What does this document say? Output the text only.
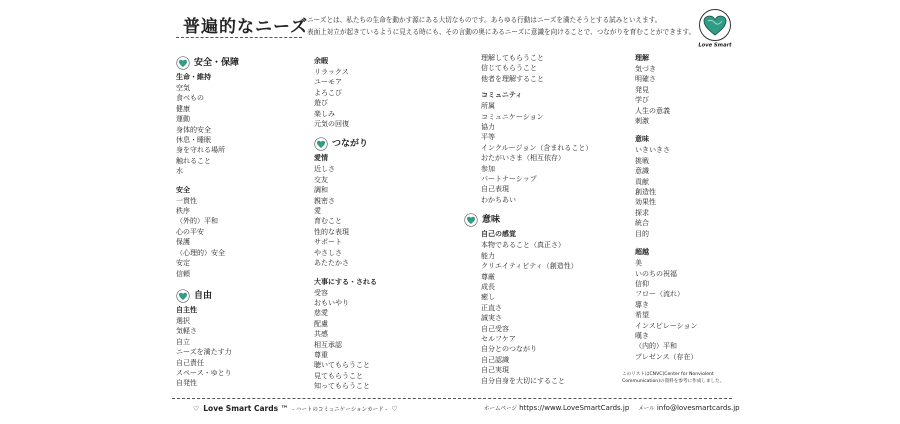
普遍的なニーズ
ニーズとは、私たちの生命を動かす源にある大切なものです。あらゆる行動はニーズを満たそうとする試みといえます。
表面上対立が起きているように見える時にも、その言動の奥にあるニーズに意識を向けることで、つながりを育むことができます。
Love Smart
安全・保障
生命・維持
空気
食べもの
健康
運動
身体的安全
休息・睡眠
身を守れる場所
触れること
水
安全
一貫性
秩序
（外的）平和
心の平安
保護
（心理的）安全
安定
信頼
自由
自主性
選択
気軽さ
自立
ニーズを満たす力
自己責任
スペース・ゆとり
自発性
余暇
リラックス
ユーモア
よろこび
遊び
楽しみ
元気の回復
つながり
愛情
近しさ
交友
調和
親密さ
愛
育むこと
性的な表現
サポート
やさしさ
あたたかさ
大事にする・される
受容
おもいやり
慈愛
配慮
共感
相互承認
尊重
聴いてもらうこと
見てもらうこと
知ってもらうこと
理解してもらうこと
信じてもらうこと
他者を理解すること
コミュニティ
所属
コミュニケーション
協力
平等
インクルージョン（含まれること）
おたがいさま（相互依存）
参加
パートナーシップ
自己表現
わかちあい
意味
自己の感覚
本物であること（真正さ）
能力
クリエイティビティ（創造性）
尊厳
成長
癒し
正直さ
誠実さ
自己受容
セルフケア
自分とのつながり
自己認識
自己実現
自分自身を大切にすること
理解
気づき
明確さ
発見
学び
人生の意義
刺激
意味
いきいきさ
挑戦
意識
貢献
創造性
効果性
探求
統合
目的
超越
美
いのちの祝福
信仰
フロー（流れ）
導き
希望
インスピレーション
嘆き
（内的）平和
プレゼンス（存在）
このリストはCNVC(Center for Nonviolent Communication)の資料を参考に作成しました。
♡ Love Smart Cards ™ - ハートのコミュニケーションカード - ♡	ホームページ https://www.LoveSmartCards.jp メール info@lovesmartcards.jp
